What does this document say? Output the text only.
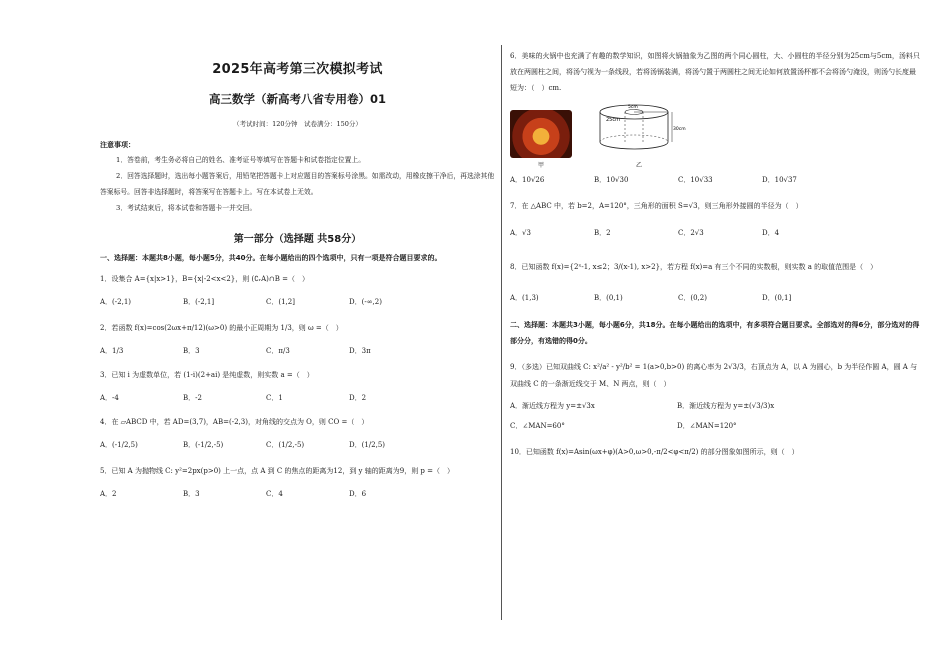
2025年高考第三次模拟考试
高三数学（新高考八省专用卷）01
（考试时间：120分钟　试卷满分：150分）
注意事项：

1．答卷前，考生务必将自己的姓名、准考证号等填写在答题卡和试卷指定位置上。

2．回答选择题时，选出每小题答案后，用铅笔把答题卡上对应题目的答案标号涂黑。如需改动，用橡皮擦干净后，再选涂其他答案标号。回答非选择题时，将答案写在答题卡上。写在本试卷上无效。

3．考试结束后，将本试卷和答题卡一并交回。

第一部分（选择题 共58分）
一、选择题：本题共8小题，每小题5分，共40分。在每小题给出的四个选项中，只有一项是符合题目要求的。
1．设集合 A={x|x>1}，B={x|-2<x<2}，则 (∁ᵣA)∩B =（　）
A．(-2,1)	B．(-2,1]	C．(1,2]	D．(-∞,2)
2．若函数 f(x)=cos(2ωx+π/12)(ω>0) 的最小正周期为 1/3，则 ω =（　）
A．1/3	B．3	C．π/3	D．3π
3．已知 i 为虚数单位，若 (1-i)(2+ai) 是纯虚数，则实数 a =（　）
A．-4	B．-2	C．1	D．2
4．在 ▱ABCD 中，若 AD=(3,7)，AB=(-2,3)，对角线的交点为 O，则 CO =（　）
A．(-1/2,5)	B．(-1/2,-5)	C．(1/2,-5)	D．(1/2,5)
5．已知 A 为抛物线 C: y²=2px(p>0) 上一点，点 A 到 C 的焦点的距离为12，到 y 轴的距离为9，则 p =（　）
A．2	B．3	C．4	D．6
6．美味的火锅中也充满了有趣的数学知识，如图将火锅抽象为乙图的两个同心圆柱，大、小圆柱的半径分别为25cm与5cm，汤料只放在两圆柱之间，将汤勺视为一条线段，若将汤锅装满，将汤勺置于两圆柱之间无论如何放置汤杯都不会将汤勺淹没，则汤勺长度最短为：（　）cm.
甲
25cm
5cm
30cm
乙
A．10√26	B．10√30	C．10√33	D．10√37
7．在 △ABC 中，若 b=2，A=120°，三角形的面积 S=√3，则三角形外接圆的半径为（　）
A．√3	B．2	C．2√3	D．4
8．已知函数 f(x)={2ˣ-1, x≤2；3/(x-1), x>2}，若方程 f(x)=a 有三个不同的实数根，则实数 a 的取值范围是（　）
A．(1,3)	B．(0,1)	C．(0,2)	D．(0,1]
二、选择题：本题共3小题，每小题6分，共18分。在每小题给出的选项中，有多项符合题目要求。全部选对的得6分，部分选对的得部分分，有选错的得0分。
9．（多选）已知双曲线 C: x²/a² - y²/b² = 1(a>0,b>0) 的离心率为 2√3/3，右顶点为 A，以 A 为圆心，b 为半径作圆 A，圆 A 与双曲线 C 的一条渐近线交于 M、N 两点，则（　）
A．渐近线方程为 y=±√3x	B．渐近线方程为 y=±(√3/3)x
C．∠MAN=60°	D．∠MAN=120°
10．已知函数 f(x)=Asin(ωx+φ)(A>0,ω>0,-π/2<φ<π/2) 的部分图象如图所示，则（　）
